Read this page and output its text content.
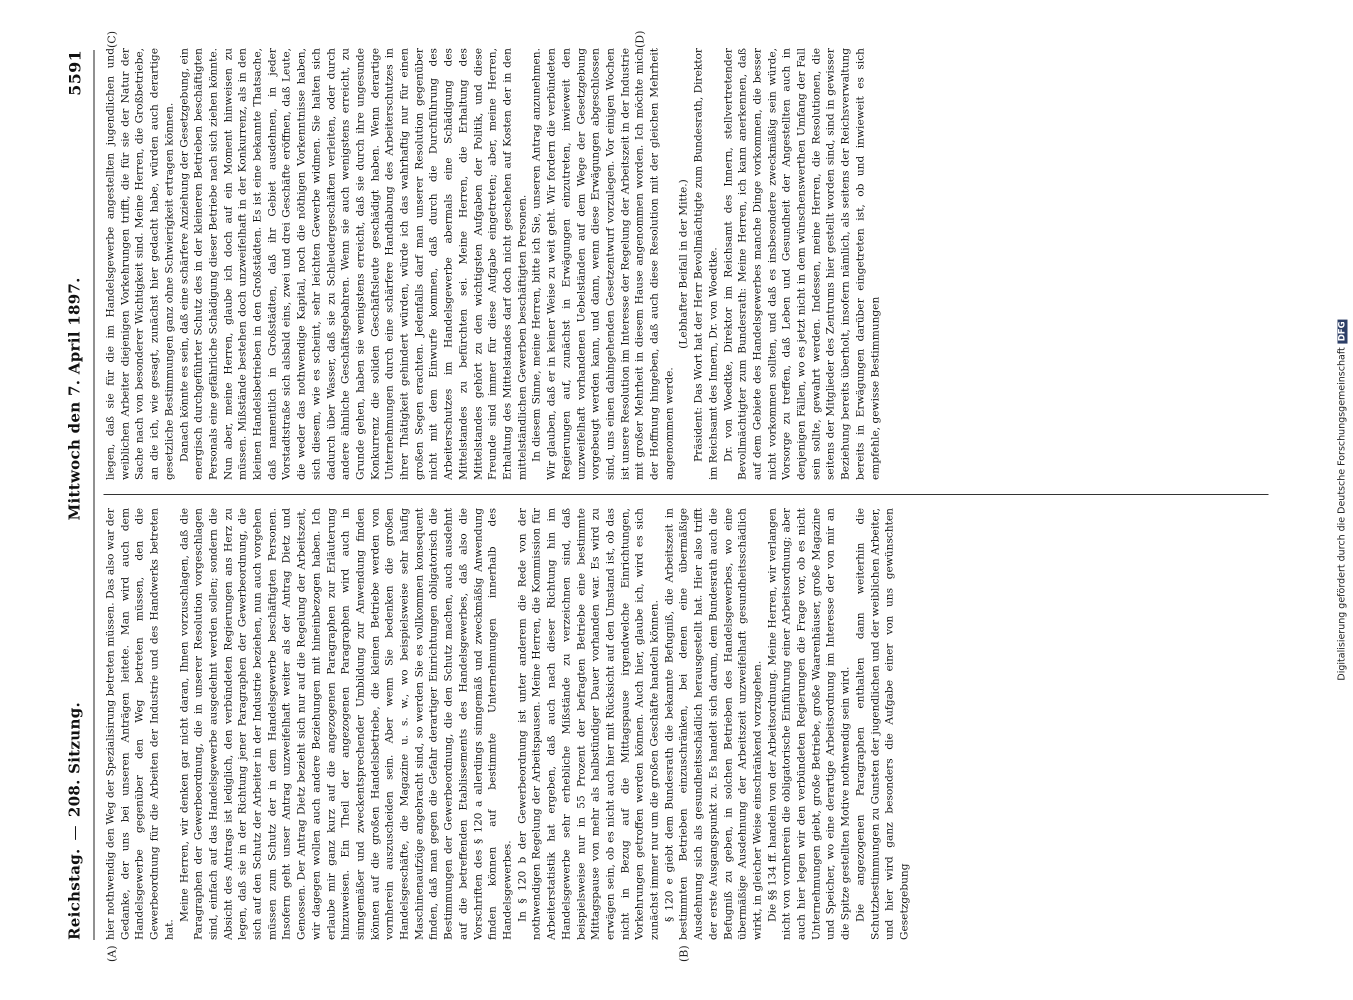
Reichstag.—208. Sitzung.
Mittwoch den 7. April 1897.
5591
(A)	(B)
(C)	(D)

hier nothwendig den Weg der Spezialisirung betreten müssen. Das also war der Gedanke, der uns bei unseren Anträgen leitete. Man wird auch dem Handelsgewerbe gegenüber den Weg betreten müssen, den die Gewerbeordnung für die Arbeiten der Industrie und des Handwerks betreten hat.

Meine Herren, wir denken gar nicht daran, Ihnen vorzuschlagen, daß die Paragraphen der Gewerbeordnung, die in unserer Resolution vorgeschlagen sind, einfach auf das Handelsgewerbe ausgedehnt werden sollen; sondern die Absicht des Antrags ist lediglich, den verbündeten Regierungen ans Herz zu legen, daß sie in der Richtung jener Paragraphen der Gewerbeordnung, die sich auf den Schutz der Arbeiter in der Industrie beziehen, nun auch vorgehen müssen zum Schutz der in dem Handelsgewerbe beschäftigten Personen. Insofern geht unser Antrag unzweifelhaft weiter als der Antrag Dietz und Genossen. Der Antrag Dietz bezieht sich nur auf die Regelung der Arbeitszeit, wir dagegen wollen auch andere Beziehungen mit hineinbezogen haben. Ich erlaube mir ganz kurz auf die angezogenen Paragraphen zur Erläuterung hinzuweisen. Ein Theil der angezogenen Paragraphen wird auch in sinngemäßer und zweckentsprechender Umbildung zur Anwendung finden können auf die großen Handelsbetriebe, die kleinen Betriebe werden von vornherein auszuscheiden sein. Aber wenn Sie bedenken die großen Handelsgeschäfte, die Magazine u. s. w., wo beispielsweise sehr häufig Maschinenaufzüge angebracht sind, so werden Sie es vollkommen konsequent finden, daß man gegen die Gefahr derartiger Einrichtungen obligatorisch die Bestimmungen der Gewerbeordnung, die den Schutz machen, auch ausdehnt auf die betreffenden Etablissements des Handelsgewerbes, daß also die Vorschriften des § 120 a allerdings sinngemäß und zweckmäßig Anwendung finden können auf bestimmte Unternehmungen innerhalb des Handelsgewerbes. In § 120 b der Gewerbeordnung ist unter anderem die Rede von der nothwendigen Regelung der Arbeitspausen. Meine Herren, die Kommission für Arbeiterstatistik hat ergeben, daß auch nach dieser Richtung hin im Handelsgewerbe sehr erhebliche Mißstände zu verzeichnen sind, daß beispielsweise nur in 55 Prozent der befragten Betriebe eine bestimmte Mittagspause von mehr als halbstündiger Dauer vorhanden war. Es wird zu erwägen sein, ob es nicht auch hier mit Rücksicht auf den Umstand ist, ob das nicht in Bezug auf die Mittagspause irgendwelche Einrichtungen, Vorkehrungen getroffen werden können. Auch hier, glaube ich, wird es sich zunächst immer nur um die großen Geschäfte handeln können. § 120 e giebt dem Bundesrath die bekannte Befugniß, die Arbeitszeit in bestimmten Betrieben einzuschränken, bei denen eine übermäßige Ausdehnung sich als gesundheitsschädlich herausgestellt hat. Hier also trifft der erste Ausgangspunkt zu. Es handelt sich darum, dem Bundesrath auch die Befugniß zu geben, in solchen Betrieben des Handelsgewerbes, wo eine übermäßige Ausdehnung der Arbeitszeit unzweifelhaft gesundheitsschädlich wirkt, in gleicher Weise einschränkend vorzugehen. Die §§ 134 ff. handeln von der Arbeitsordnung. Meine Herren, wir verlangen nicht von vornherein die obligatorische Einführung einer Arbeitsordnung; aber auch hier legen wir den verbündeten Regierungen die Frage vor, ob es nicht Unternehmungen giebt, große Betriebe, große Waarenhäuser, große Magazine und Speicher, wo eine derartige Arbeitsordnung im Interesse der von mir an die Spitze gestellten Motive nothwendig sein wird. Die angezogenen Paragraphen enthalten dann weiterhin die Schutzbestimmungen zu Gunsten der jugendlichen und der weiblichen Arbeiter, und hier wird ganz besonders die Aufgabe einer von uns gewünschten Gesetzgebung

liegen, daß sie für die im Handelsgewerbe angestellten jugendlichen und weiblichen Arbeiter diejenigen Vorkehrungen trifft, die für sie der Natur der Sache nach von besonderer Wichtigkeit sind. Meine Herren, die Großbetriebe, an die ich, wie gesagt, zunächst hier gedacht habe, würden auch derartige gesetzliche Bestimmungen ganz ohne Schwierigkeit ertragen können. Danach könnte es sein, daß eine schärfere Anziehung der Gesetzgebung, ein energisch durchgeführter Schutz des in der kleineren Betrieben beschäftigten Personals eine gefährliche Schädigung dieser Betriebe nach sich ziehen könnte. Nun aber, meine Herren, glaube ich doch auf ein Moment hinweisen zu müssen. Mißstände bestehen doch unzweifelhaft in der Konkurrenz, als in den kleinen Handelsbetrieben in den Großstädten. Es ist eine bekannte Thatsache, daß namentlich in Großstädten, daß ihr Gebiet ausdehnen, in jeder Vorstadtstraße sich alsbald eins, zwei und drei Geschäfte eröffnen, daß Leute, die weder das nothwendige Kapital, noch die nöthigen Vorkenntnisse haben, sich diesem, wie es scheint, sehr leichten Gewerbe widmen. Sie halten sich dadurch über Wasser, daß sie zu Schleudergeschäften verleiten, oder durch andere ähnliche Geschäftsgebahren. Wenn sie auch wenigstens erreicht, zu Grunde gehen, haben sie wenigstens erreicht, daß sie durch ihre ungesunde Konkurrenz die soliden Geschäftsleute geschädigt haben. Wenn derartige Unternehmungen durch eine schärfere Handhabung des Arbeiterschutzes in ihrer Thätigkeit gehindert würden, würde ich das wahrhaftig nur für einen großen Segen erachten. Jedenfalls darf man unserer Resolution gegenüber nicht mit dem Einwurfe kommen, daß durch die Durchführung des Arbeiterschutzes im Handelsgewerbe abermals eine Schädigung des Mittelstandes zu befürchten sei. Meine Herren, die Erhaltung des Mittelstandes gehört zu den wichtigsten Aufgaben der Politik, und diese Freunde sind immer für diese Aufgabe eingetreten; aber, meine Herren, Erhaltung des Mittelstandes darf doch nicht geschehen auf Kosten der in den mittelständlichen Gewerben beschäftigten Personen. In diesem Sinne, meine Herren, bitte ich Sie, unseren Antrag anzunehmen. Wir glauben, daß er in keiner Weise zu weit geht. Wir fordern die verbündeten Regierungen auf, zunächst in Erwägungen einzutreten, inwieweit den unzweifelhaft vorhandenen Uebelständen auf dem Wege der Gesetzgebung vorgebeugt werden kann, und dann, wenn diese Erwägungen abgeschlossen sind, uns einen dahingehenden Gesetzentwurf vorzulegen. Vor einigen Wochen ist unsere Resolution im Interesse der Regelung der Arbeitszeit in der Industrie mit großer Mehrheit in diesem Hause angenommen worden. Ich möchte mich der Hoffnung hingeben, daß auch diese Resolution mit der gleichen Mehrheit angenommen werde.

(Lebhafter Beifall in der Mitte.) Präsident: Das Wort hat der Herr Bevollmächtigte zum Bundesrath, Direktor im Reichsamt des Innern, Dr. von Woedtke. Dr. von Woedtke, Direktor im Reichsamt des Innern, stellvertretender Bevollmächtigter zum Bundesrath: Meine Herren, ich kann anerkennen, daß auf dem Gebiete des Handelsgewerbes manche Dinge vorkommen, die besser nicht vorkommen sollten, und daß es insbesondere zweckmäßig sein würde, Vorsorge zu treffen, daß Leben und Gesundheit der Angestellten auch in denjenigen Fällen, wo es jetzt nicht in dem wünschenswerthen Umfang der Fall sein sollte, gewahrt werden. Indessen, meine Herren, die Resolutionen, die seitens der Mitglieder des Zentrums hier gestellt worden sind, sind in gewisser Beziehung bereits überholt, insofern nämlich, als seitens der Reichsverwaltung bereits in Erwägungen darüber eingetreten ist, ob und inwieweit es sich empfehle, gewisse Bestimmungen	Digitalisierung gefördert durch die Deutsche ForschungsgemeinschaftDFG
